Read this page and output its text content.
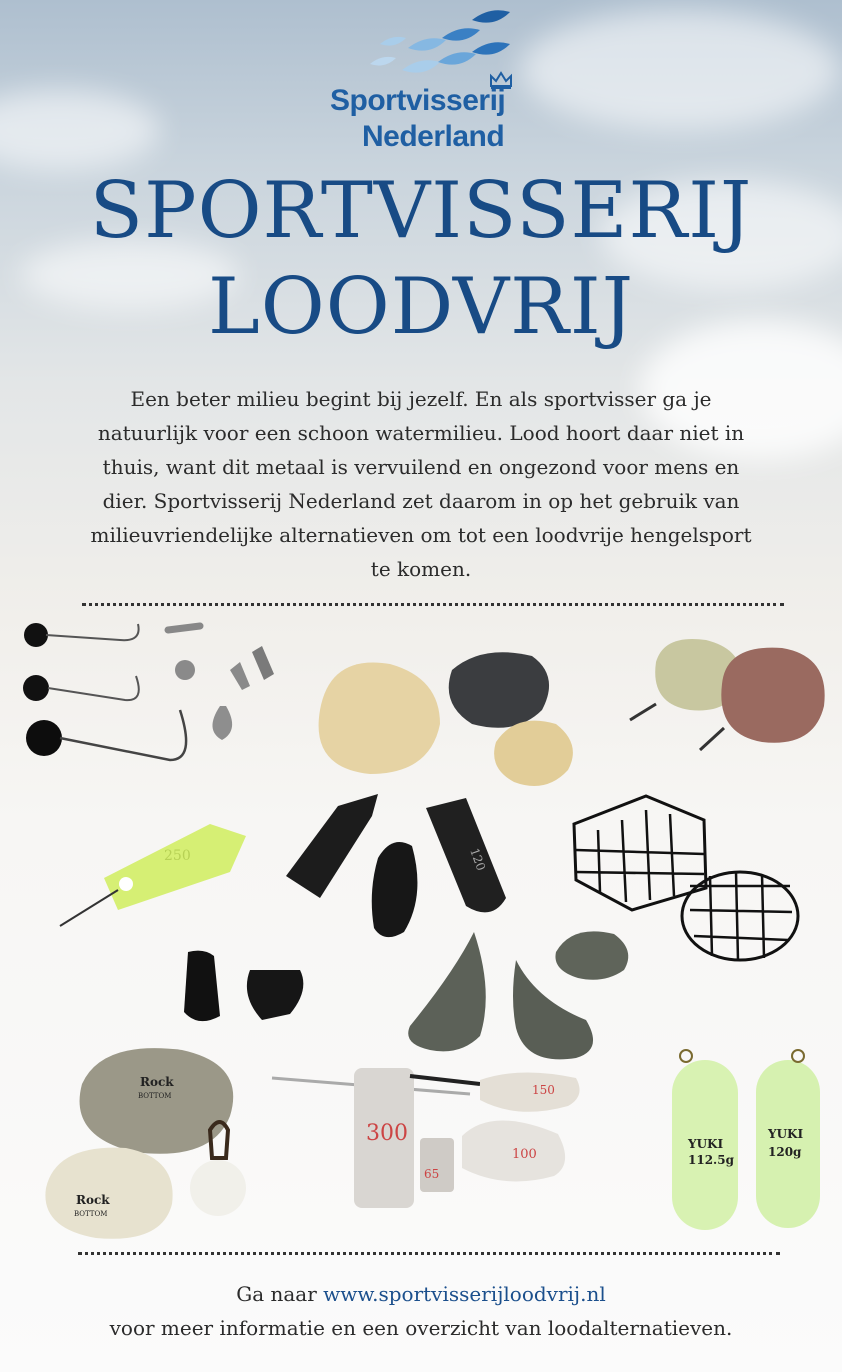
Sportvisserij
Nederland
SPORTVISSERIJ
LOODVRIJ
Een beter milieu begint bij jezelf. En als sportvisser ga je natuurlijk voor een schoon watermilieu. Lood hoort daar niet in thuis, want dit metaal is vervuilend en ongezond voor mens en dier. Sportvisserij Nederland zet daarom in op het gebruik van milieuvriendelijke alternatieven om tot een loodvrije hengelsport te komen.
250	120
Rock
BOTTOM
Rock
BOTTOM
300
65
150
100
YUKI
112.5g
YUKI
120g
Ga naar www.sportvisserijloodvrij.nl
voor meer informatie en een overzicht van loodalternatieven.
